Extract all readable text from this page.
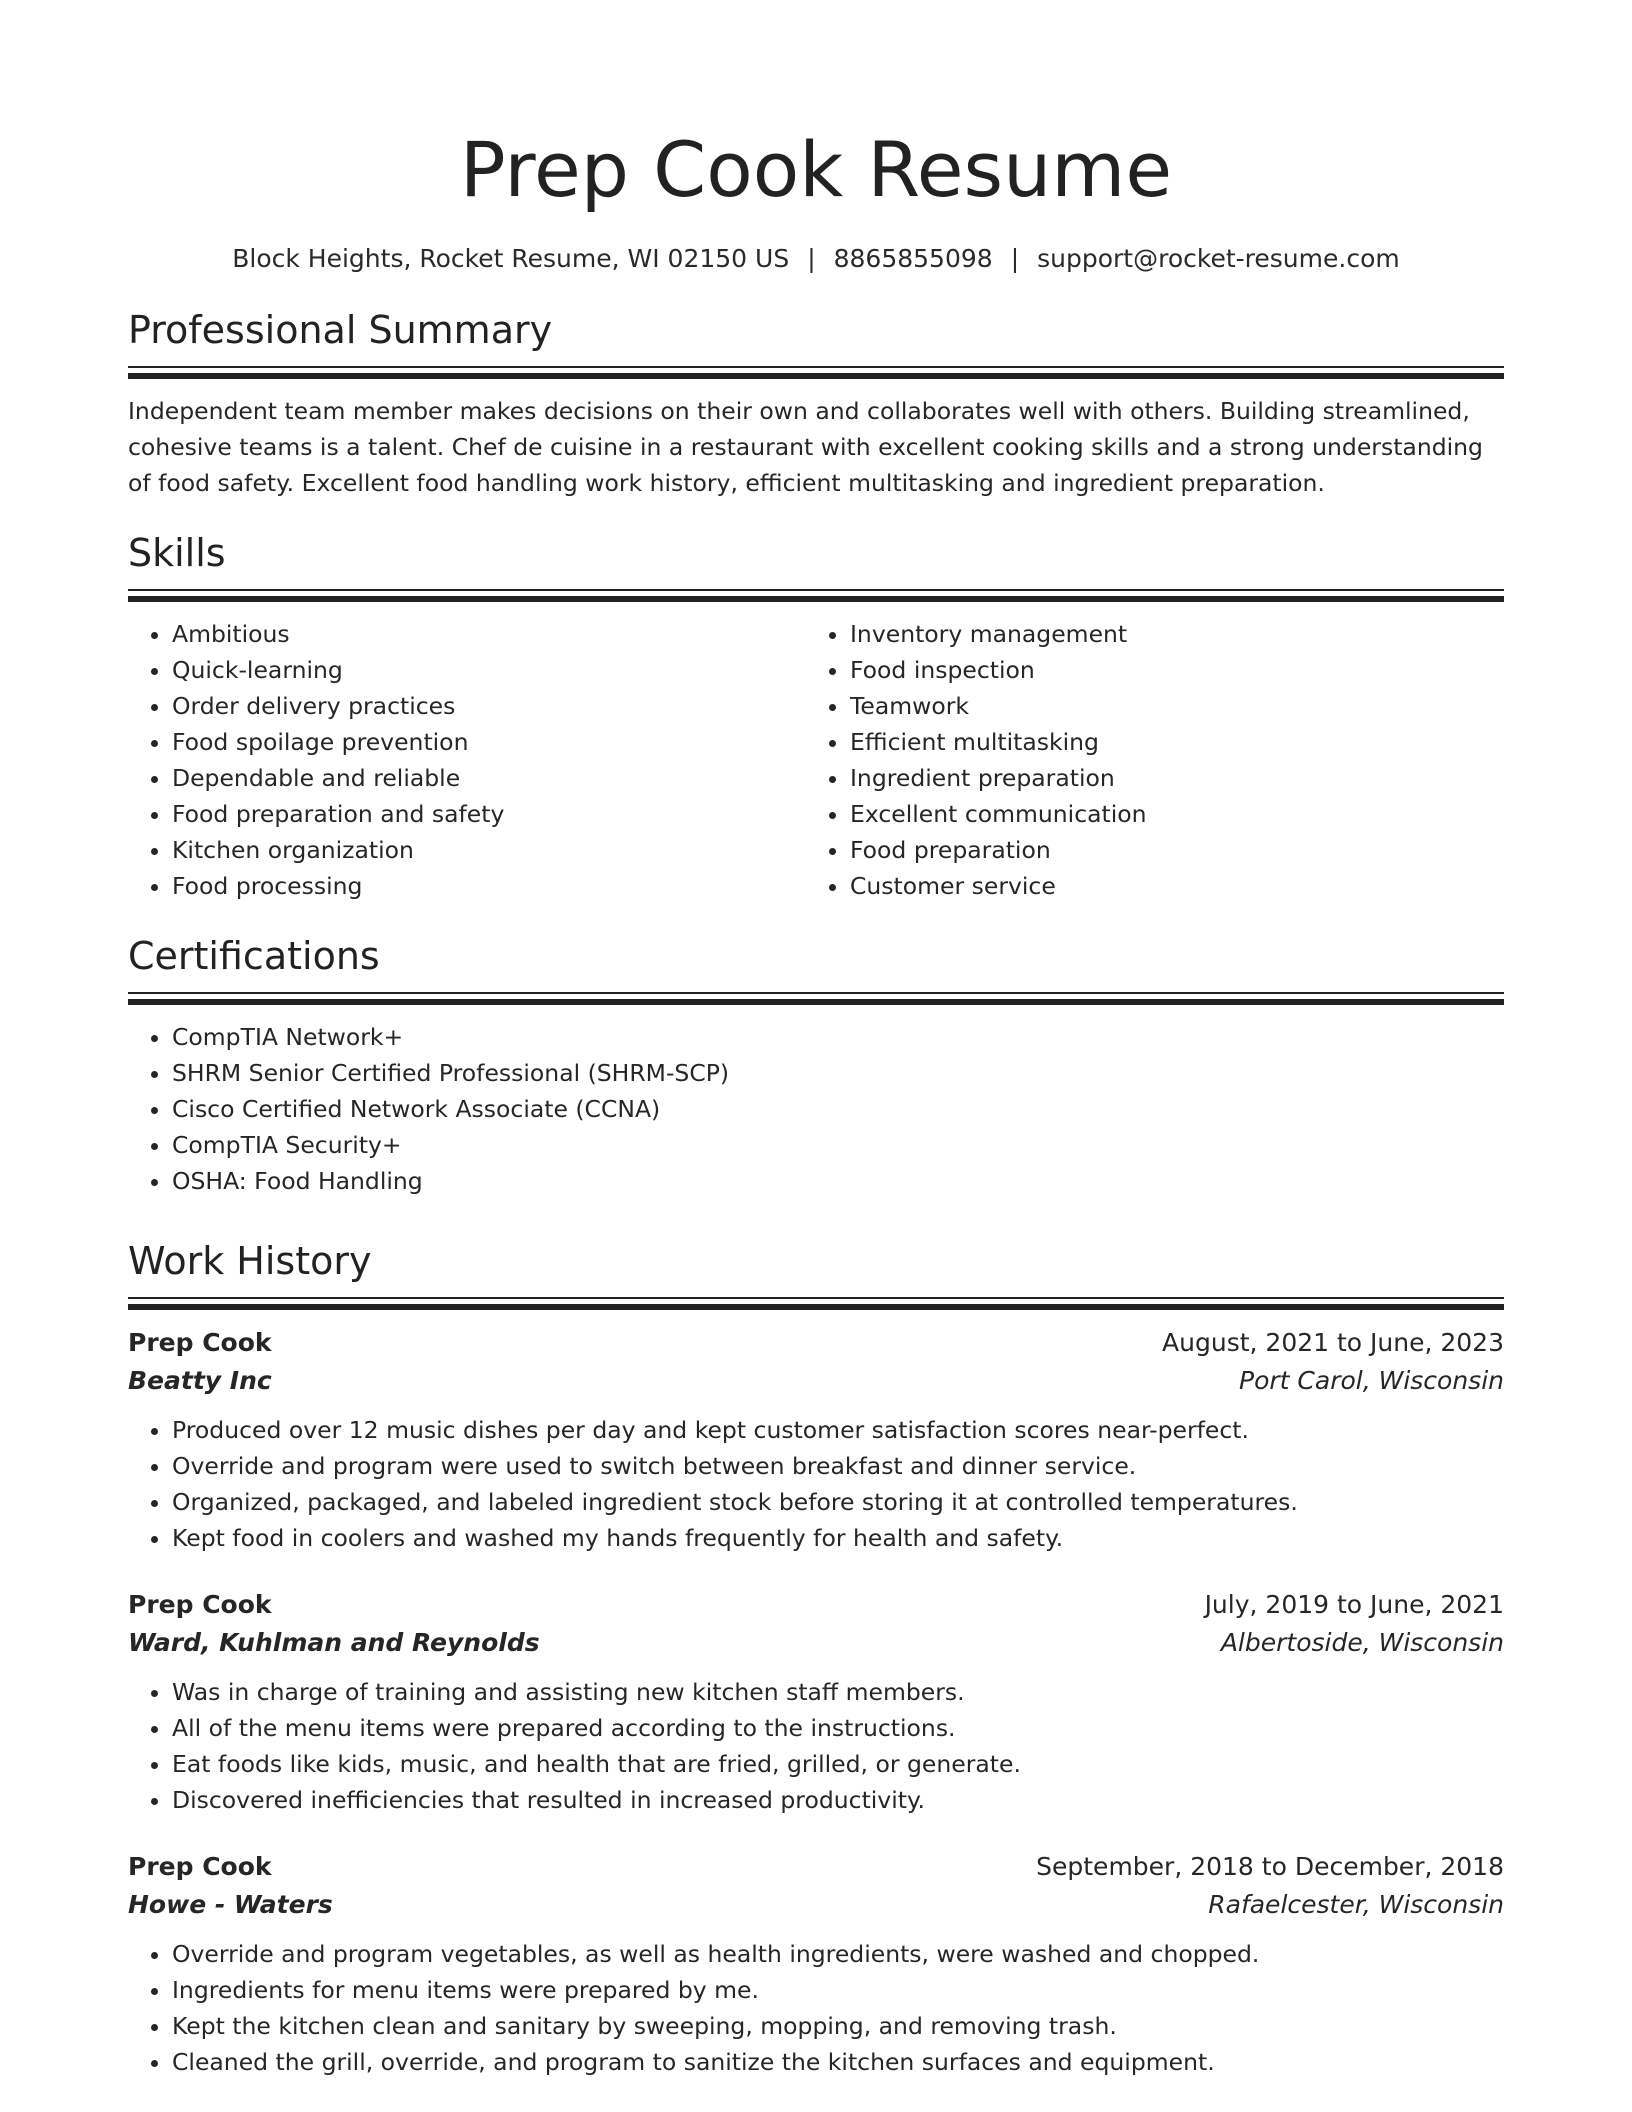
Prep Cook Resume
Block Heights, Rocket Resume, WI 02150 US | 8865855098 | support@rocket-resume.com
Professional Summary

Independent team member makes decisions on their own and collaborates well with others. Building streamlined, cohesive teams is a talent. Chef de cuisine in a restaurant with excellent cooking skills and a strong understanding of food safety. Excellent food handling work history, efficient multitasking and ingredient preparation.

Skills
• Ambitious
• Quick-learning
• Order delivery practices
• Food spoilage prevention
• Dependable and reliable
• Food preparation and safety
• Kitchen organization
• Food processing
• Inventory management
• Food inspection
• Teamwork
• Efficient multitasking
• Ingredient preparation
• Excellent communication
• Food preparation
• Customer service
Certifications
• CompTIA Network+
• SHRM Senior Certified Professional (SHRM-SCP)
• Cisco Certified Network Associate (CCNA)
• CompTIA Security+
• OSHA: Food Handling
Work History
Prep Cook	August, 2021 to June, 2023
Beatty Inc	Port Carol, Wisconsin
• Produced over 12 music dishes per day and kept customer satisfaction scores near-perfect.
• Override and program were used to switch between breakfast and dinner service.
• Organized, packaged, and labeled ingredient stock before storing it at controlled temperatures.
• Kept food in coolers and washed my hands frequently for health and safety.
Prep Cook	July, 2019 to June, 2021
Ward, Kuhlman and Reynolds	Albertoside, Wisconsin
• Was in charge of training and assisting new kitchen staff members.
• All of the menu items were prepared according to the instructions.
• Eat foods like kids, music, and health that are fried, grilled, or generate.
• Discovered inefficiencies that resulted in increased productivity.
Prep Cook	September, 2018 to December, 2018
Howe - Waters	Rafaelcester, Wisconsin
• Override and program vegetables, as well as health ingredients, were washed and chopped.
• Ingredients for menu items were prepared by me.
• Kept the kitchen clean and sanitary by sweeping, mopping, and removing trash.
• Cleaned the grill, override, and program to sanitize the kitchen surfaces and equipment.
